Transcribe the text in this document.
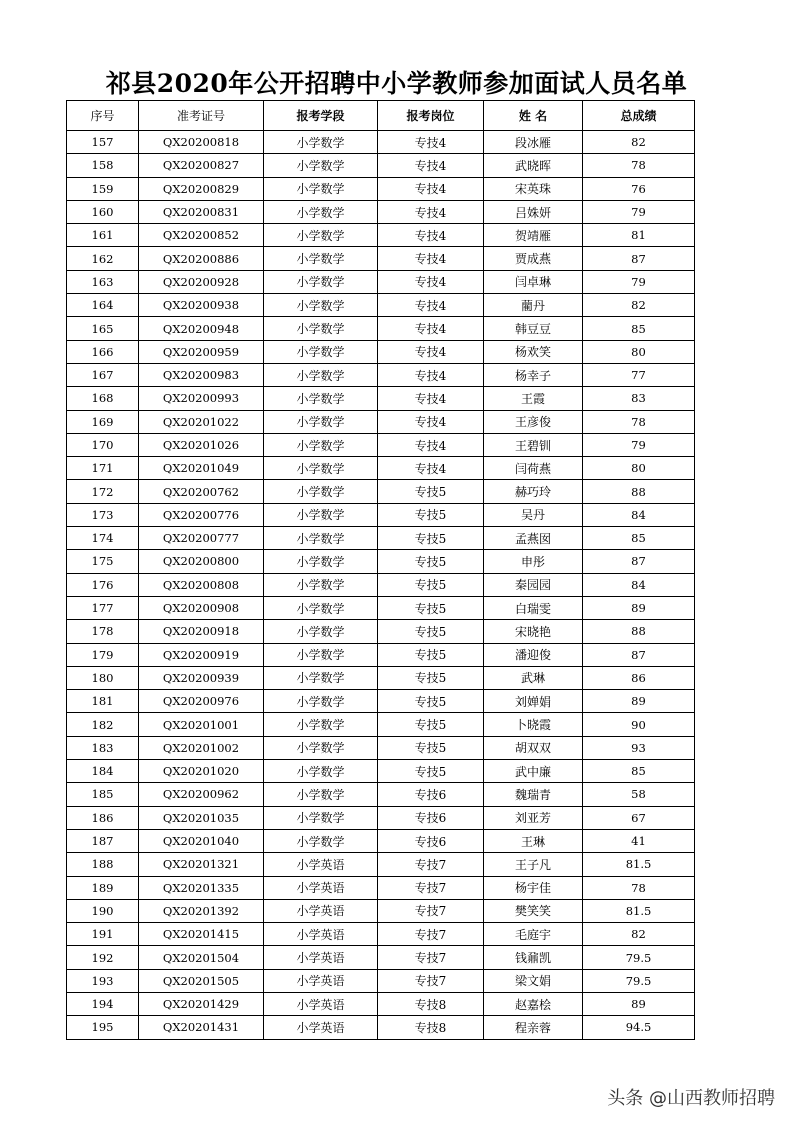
祁县2020年公开招聘中小学教师参加面试人员名单
序号	准考证号	报考学段	报考岗位	姓 名	总成绩
157	QX20200818	小学数学	专技4	段冰雁	82
158	QX20200827	小学数学	专技4	武晓晖	78
159	QX20200829	小学数学	专技4	宋英珠	76
160	QX20200831	小学数学	专技4	吕姝妍	79
161	QX20200852	小学数学	专技4	贺靖雁	81
162	QX20200886	小学数学	专技4	贾成燕	87
163	QX20200928	小学数学	专技4	闫卓琳	79
164	QX20200938	小学数学	专技4	藺丹	82
165	QX20200948	小学数学	专技4	韩豆豆	85
166	QX20200959	小学数学	专技4	杨欢笑	80
167	QX20200983	小学数学	专技4	杨幸子	77
168	QX20200993	小学数学	专技4	王霞	83
169	QX20201022	小学数学	专技4	王彦俊	78
170	QX20201026	小学数学	专技4	王碧钏	79
171	QX20201049	小学数学	专技4	闫荷燕	80
172	QX20200762	小学数学	专技5	赫巧玲	88
173	QX20200776	小学数学	专技5	吴丹	84
174	QX20200777	小学数学	专技5	孟燕囡	85
175	QX20200800	小学数学	专技5	申彤	87
176	QX20200808	小学数学	专技5	秦园园	84
177	QX20200908	小学数学	专技5	白瑞雯	89
178	QX20200918	小学数学	专技5	宋晓艳	88
179	QX20200919	小学数学	专技5	潘迎俊	87
180	QX20200939	小学数学	专技5	武琳	86
181	QX20200976	小学数学	专技5	刘婵娟	89
182	QX20201001	小学数学	专技5	卜晓霞	90
183	QX20201002	小学数学	专技5	胡双双	93
184	QX20201020	小学数学	专技5	武中廉	85
185	QX20200962	小学数学	专技6	魏瑞青	58
186	QX20201035	小学数学	专技6	刘亚芳	67
187	QX20201040	小学数学	专技6	王琳	41
188	QX20201321	小学英语	专技7	王子凡	81.5
189	QX20201335	小学英语	专技7	杨宇佳	78
190	QX20201392	小学英语	专技7	樊笑笑	81.5
191	QX20201415	小学英语	专技7	毛庭宇	82
192	QX20201504	小学英语	专技7	钱鼐凯	79.5
193	QX20201505	小学英语	专技7	梁文娟	79.5
194	QX20201429	小学英语	专技8	赵嘉桧	89
195	QX20201431	小学英语	专技8	程亲蓉	94.5
头条 @山西教师招聘
